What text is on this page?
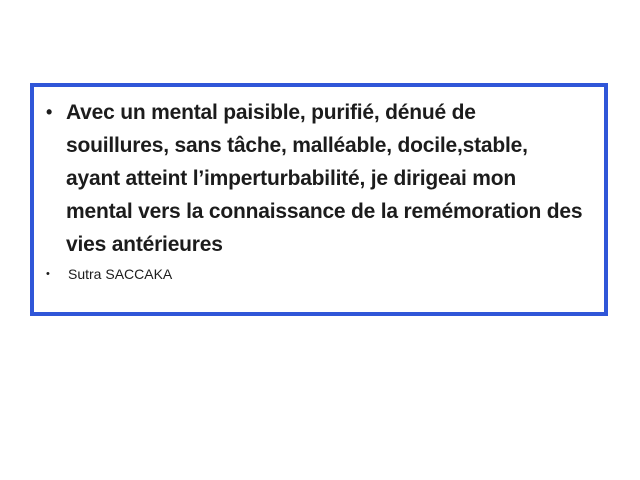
• Avec un mental paisible, purifié, dénué de
souillures, sans tâche, malléable, docile,stable,
ayant atteint l’imperturbabilité, je dirigeai mon
mental vers la connaissance de la remémoration des
vies antérieures
•	Sutra SACCAKA
